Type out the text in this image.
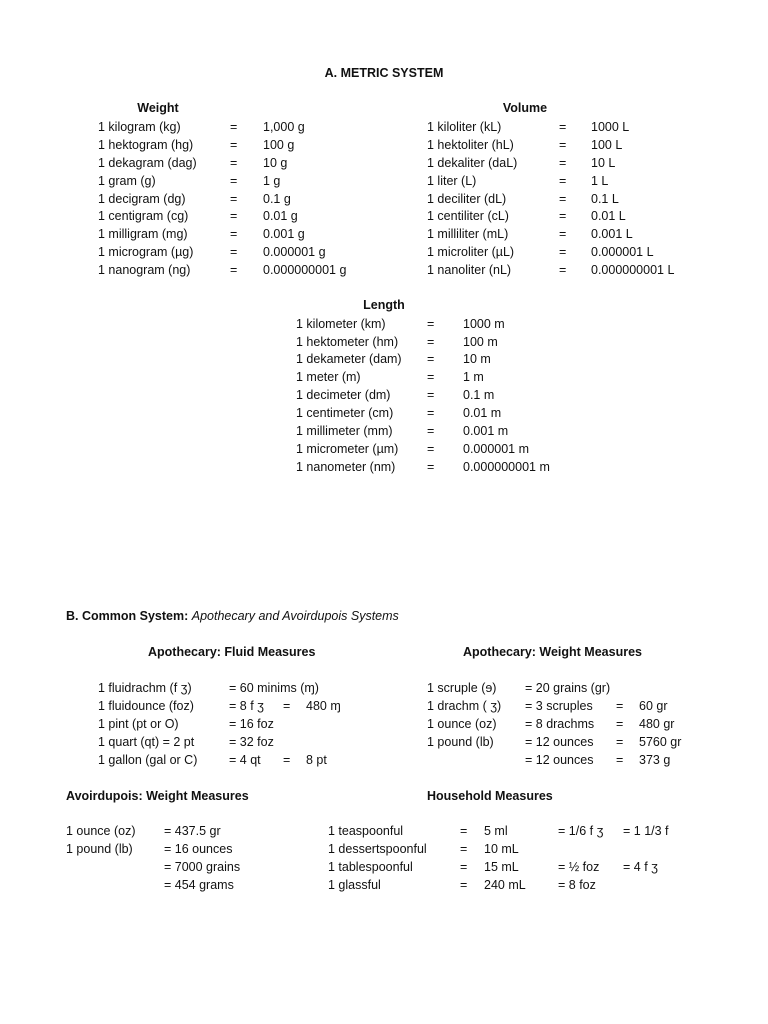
A. METRIC SYSTEM
Weight
1 kilogram (kg)	= 1,000 g
1 hektogram (hg)	= 100 g
1 dekagram (dag)	= 10 g
1 gram (g)	= 1 g
1 decigram (dg)	= 0.1 g
1 centigram (cg)	= 0.01 g
1 milligram (mg)	= 0.001 g
1 microgram (µg)	= 0.000001 g
1 nanogram (ng)	= 0.000000001 g
Volume
1 kiloliter (kL)	= 1000 L
1 hektoliter (hL)	= 100 L
1 dekaliter (daL)	= 10 L
1 liter (L)	= 1 L
1 deciliter (dL)	= 0.1 L
1 centiliter (cL)	= 0.01 L
1 milliliter (mL)	= 0.001 L
1 microliter (µL)	= 0.000001 L
1 nanoliter (nL)	= 0.000000001 L
Length
1 kilometer (km)	= 1000 m
1 hektometer (hm) = 100 m
1 dekameter (dam) = 10 m
1 meter (m)	= 1 m
1 decimeter (dm)	= 0.1 m
1 centimeter (cm)	= 0.01 m
1 millimeter (mm)	= 0.001 m
1 micrometer (µm) = 0.000001 m
1 nanometer (nm)	= 0.000000001 m
B. Common System: Apothecary and Avoirdupois Systems
Apothecary: Fluid Measures
1 fluidrachm (f ʒ)	= 60 minims (ɱ)
1 fluidounce (foz)	= 8 f ʒ = 480 ɱ
1 pint (pt or O)	= 16 foz
1 quart (qt) = 2 pt	= 32 foz
1 gallon (gal or C)	= 4 qt = 8 pt
Apothecary: Weight Measures
1 scruple (ɘ) = 20 grains (gr)
1 drachm ( ʒ) = 3 scruples = 60 gr
1 ounce (oz) = 8 drachms = 480 gr
1 pound (lb)	= 12 ounces = 5760 gr
= 12 ounces = 373 g
Avoirdupois: Weight Measures
1 ounce (oz) = 437.5 gr
1 pound (lb)	= 16 ounces
= 7000 grains
= 454 grams
Household Measures
1 teaspoonful	= 5 ml	= 1/6 f ʒ = 1 1/3 f
1 dessertspoonful	= 10 mL
1 tablespoonful	= 15 mL	= ½ foz = 4 f ʒ
1 glassful	= 240 mL	= 8 foz
